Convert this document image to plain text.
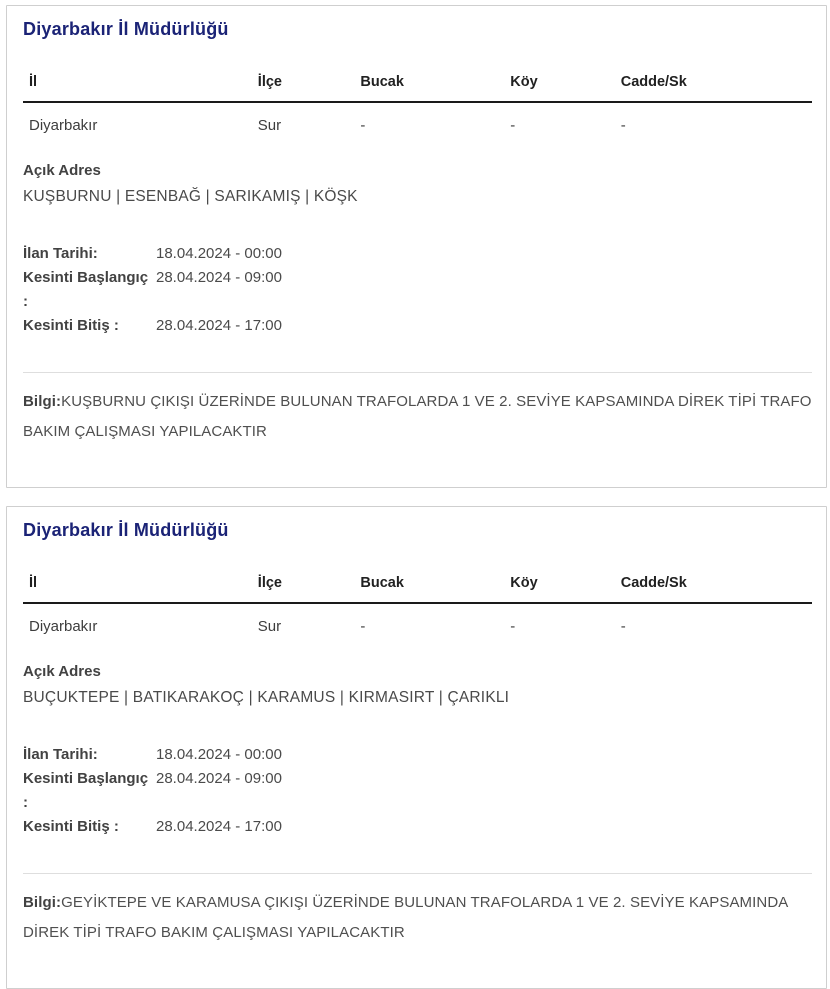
Diyarbakır İl Müdürlüğü
İl	İlçe	Bucak	Köy	Cadde/Sk
Diyarbakır	Sur	-	-	-
Açık Adres
KUŞBURNU | ESENBAĞ | SARIKAMIŞ | KÖŞK
İlan Tarihi:	18.04.2024 - 00:00
Kesinti Başlangıç :
28.04.2024 - 09:00
Kesinti Bitiş :	28.04.2024 - 17:00

Bilgi:KUŞBURNU ÇIKIŞI ÜZERİNDE BULUNAN TRAFOLARDA 1 VE 2. SEVİYE KAPSAMINDA DİREK TİPİ TRAFO BAKIM ÇALIŞMASI YAPILACAKTIR

Diyarbakır İl Müdürlüğü
İl	İlçe	Bucak	Köy	Cadde/Sk
Diyarbakır	Sur	-	-	-
Açık Adres
BUÇUKTEPE | BATIKARAKOÇ | KARAMUS | KIRMASIRT | ÇARIKLI
İlan Tarihi:	18.04.2024 - 00:00
Kesinti Başlangıç :
28.04.2024 - 09:00
Kesinti Bitiş :	28.04.2024 - 17:00

Bilgi:GEYİKTEPE VE KARAMUSA ÇIKIŞI ÜZERİNDE BULUNAN TRAFOLARDA 1 VE 2. SEVİYE KAPSAMINDA DİREK TİPİ TRAFO BAKIM ÇALIŞMASI YAPILACAKTIR
